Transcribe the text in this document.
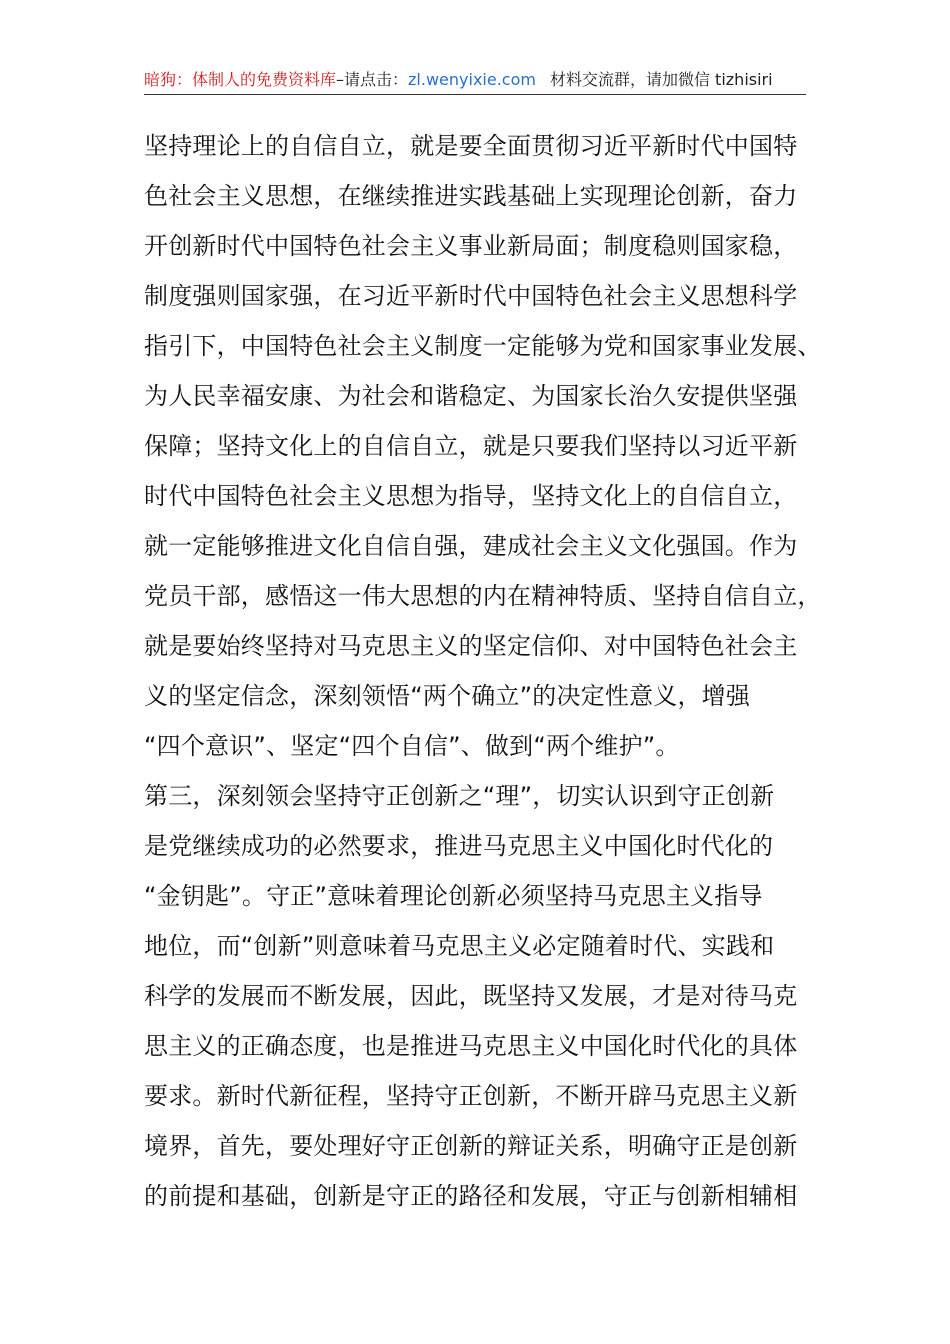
暗狗：体制人的免费资料库–请点击：zl.wenyixie.com 材料交流群，请加微信 tizhisiri
坚持理论上的自信自立，就是要全面贯彻习近平新时代中国特
色社会主义思想，在继续推进实践基础上实现理论创新，奋力
开创新时代中国特色社会主义事业新局面；制度稳则国家稳，
制度强则国家强，在习近平新时代中国特色社会主义思想科学
指引下，中国特色社会主义制度一定能够为党和国家事业发展、
为人民幸福安康、为社会和谐稳定、为国家长治久安提供坚强
保障；坚持文化上的自信自立，就是只要我们坚持以习近平新
时代中国特色社会主义思想为指导，坚持文化上的自信自立，
就一定能够推进文化自信自强，建成社会主义文化强国。作为
党员干部，感悟这一伟大思想的内在精神特质、坚持自信自立，
就是要始终坚持对马克思主义的坚定信仰、对中国特色社会主
义的坚定信念，深刻领悟“两个确立”的决定性意义，增强
“四个意识”、坚定“四个自信”、做到“两个维护”。
第三，深刻领会坚持守正创新之“理”，切实认识到守正创新
是党继续成功的必然要求，推进马克思主义中国化时代化的
“金钥匙”。守正”意味着理论创新必须坚持马克思主义指导
地位，而“创新”则意味着马克思主义必定随着时代、实践和
科学的发展而不断发展，因此，既坚持又发展，才是对待马克
思主义的正确态度，也是推进马克思主义中国化时代化的具体
要求。新时代新征程，坚持守正创新，不断开辟马克思主义新
境界，首先，要处理好守正创新的辩证关系，明确守正是创新
的前提和基础，创新是守正的路径和发展，守正与创新相辅相
